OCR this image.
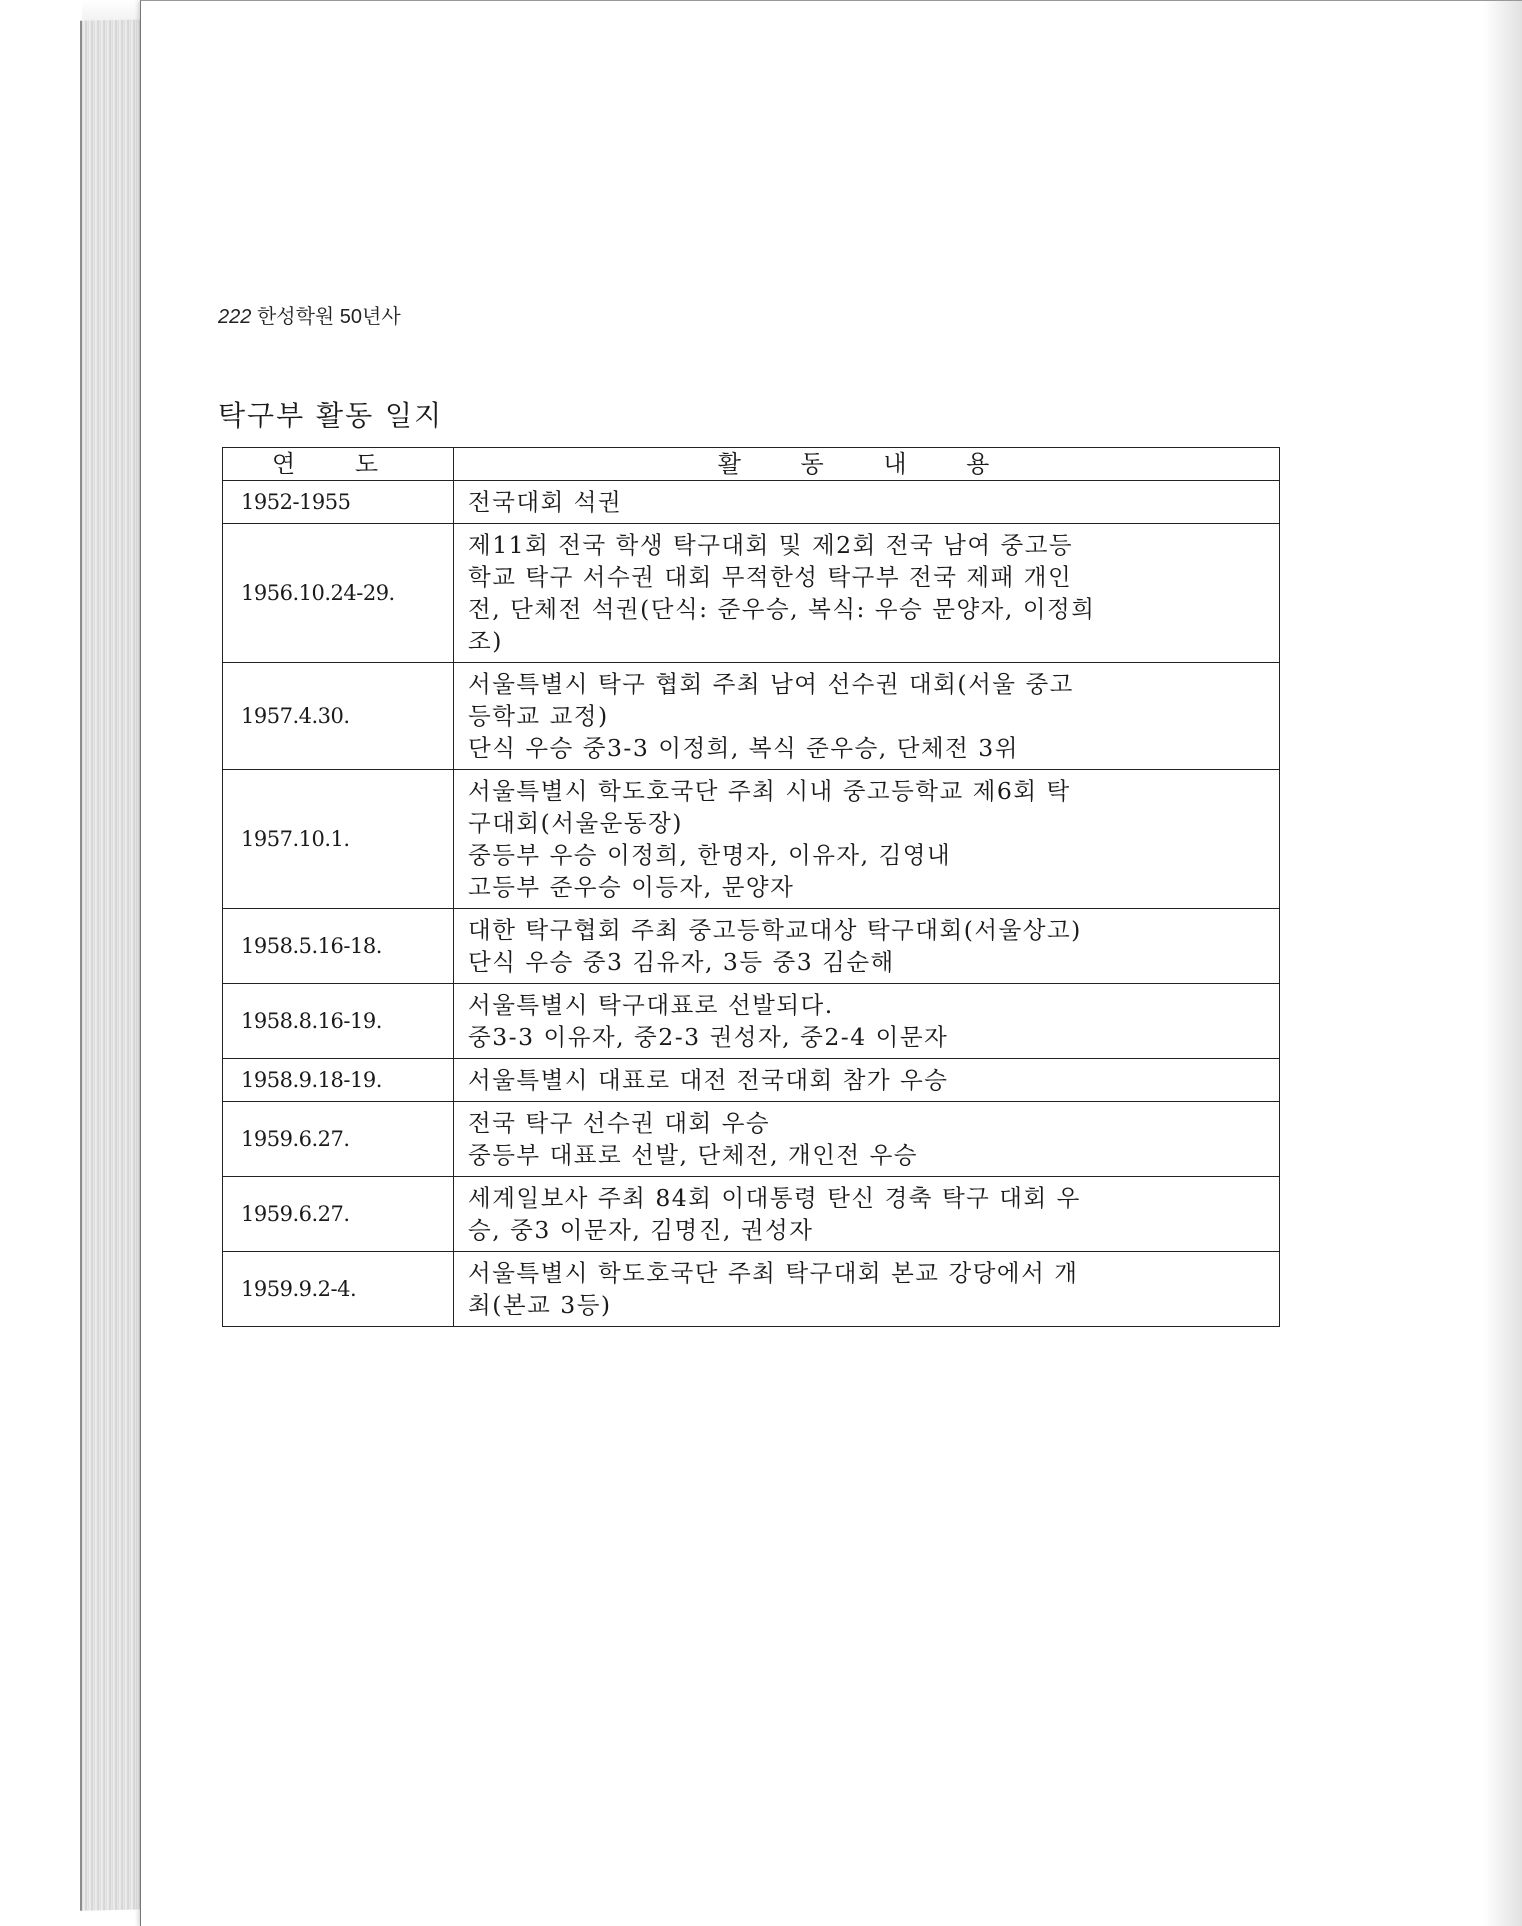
222 한성학원 50년사
탁구부 활동 일지
연 도	활 동 내 용
1952-1955	전국대회 석권

1956.10.24-29.	제11회 전국 학생 탁구대회 및 제2회 전국 남여 중고등
학교 탁구 서수권 대회 무적한성 탁구부 전국 제패 개인
전, 단체전 석권(단식: 준우승, 복식: 우승 문양자, 이정희
조)

1957.4.30.	서울특별시 탁구 협회 주최 남여 선수권 대회(서울 중고
등학교 교정)
단식 우승 중3-3 이정희, 복식 준우승, 단체전 3위

1957.10.1.	서울특별시 학도호국단 주최 시내 중고등학교 제6회 탁
구대회(서울운동장)
중등부 우승 이정희, 한명자, 이유자, 김영내
고등부 준우승 이등자, 문양자

1958.5.16-18.	대한 탁구협회 주최 중고등학교대상 탁구대회(서울상고)
단식 우승 중3 김유자, 3등 중3 김순해

1958.8.16-19.	서울특별시 탁구대표로 선발되다.
중3-3 이유자, 중2-3 권성자, 중2-4 이문자

1958.9.18-19.	서울특별시 대표로 대전 전국대회 참가 우승

1959.6.27.	전국 탁구 선수권 대회 우승
중등부 대표로 선발, 단체전, 개인전 우승

1959.6.27.	세계일보사 주최 84회 이대통령 탄신 경축 탁구 대회 우
승, 중3 이문자, 김명진, 권성자

1959.9.2-4.	서울특별시 학도호국단 주최 탁구대회 본교 강당에서 개
최(본교 3등)
